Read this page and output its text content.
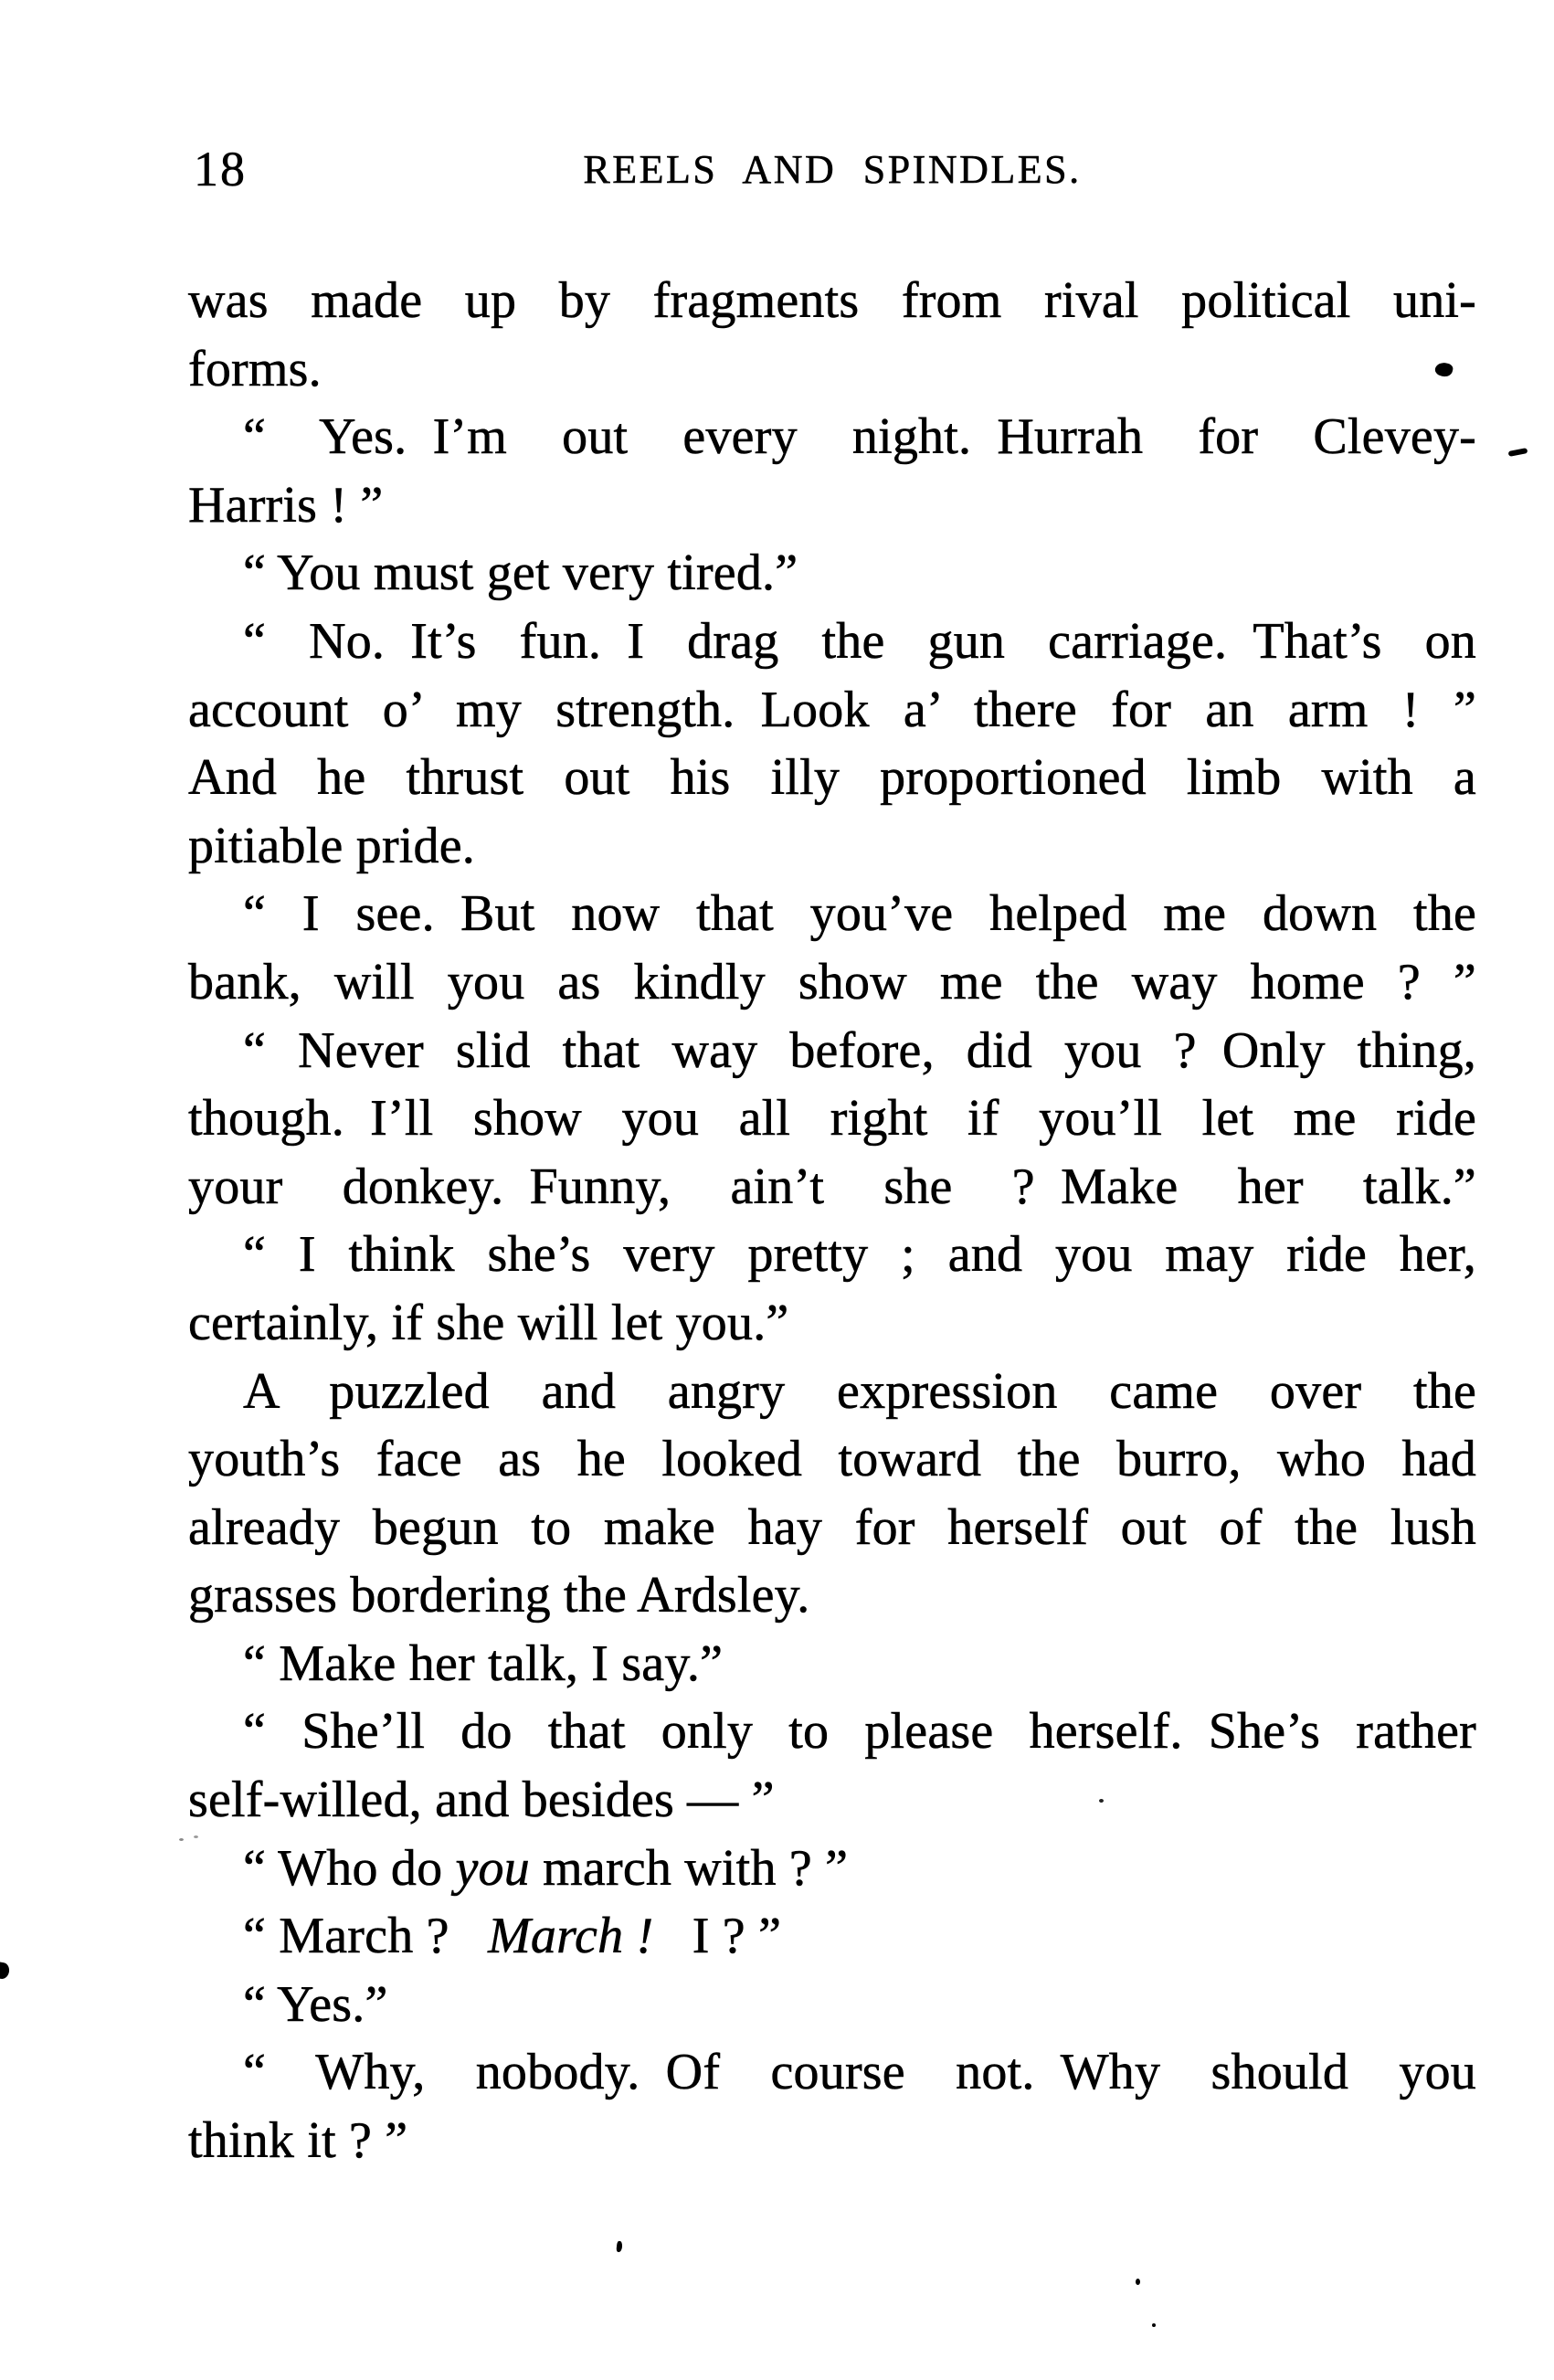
18	REELS AND SPINDLES.
was made up by fragments from rival political uni-
forms.
“ Yes. I’m out every night. Hurrah for Clevey-
Harris ! ”
“ You must get very tired.”
“ No. It’s fun. I drag the gun carriage. That’s on
account o’ my strength. Look a’ there for an arm ! ”
And he thrust out his illy proportioned limb with a
pitiable pride.
“ I see. But now that you’ve helped me down the
bank, will you as kindly show me the way home ? ”
“ Never slid that way before, did you ? Only thing,
though. I’ll show you all right if you’ll let me ride
your donkey. Funny, ain’t she ? Make her talk.”
“ I think she’s very pretty ; and you may ride her,
certainly, if she will let you.”
A puzzled and angry expression came over the
youth’s face as he looked toward the burro, who had
already begun to make hay for herself out of the lush
grasses bordering the Ardsley.
“ Make her talk, I say.”
“ She’ll do that only to please herself. She’s rather
self-willed, and besides — ”
“ Who do you march with ? ”
“ March ?  March !  I ? ”
“ Yes.”
“ Why, nobody. Of course not. Why should you
think it ? ”
